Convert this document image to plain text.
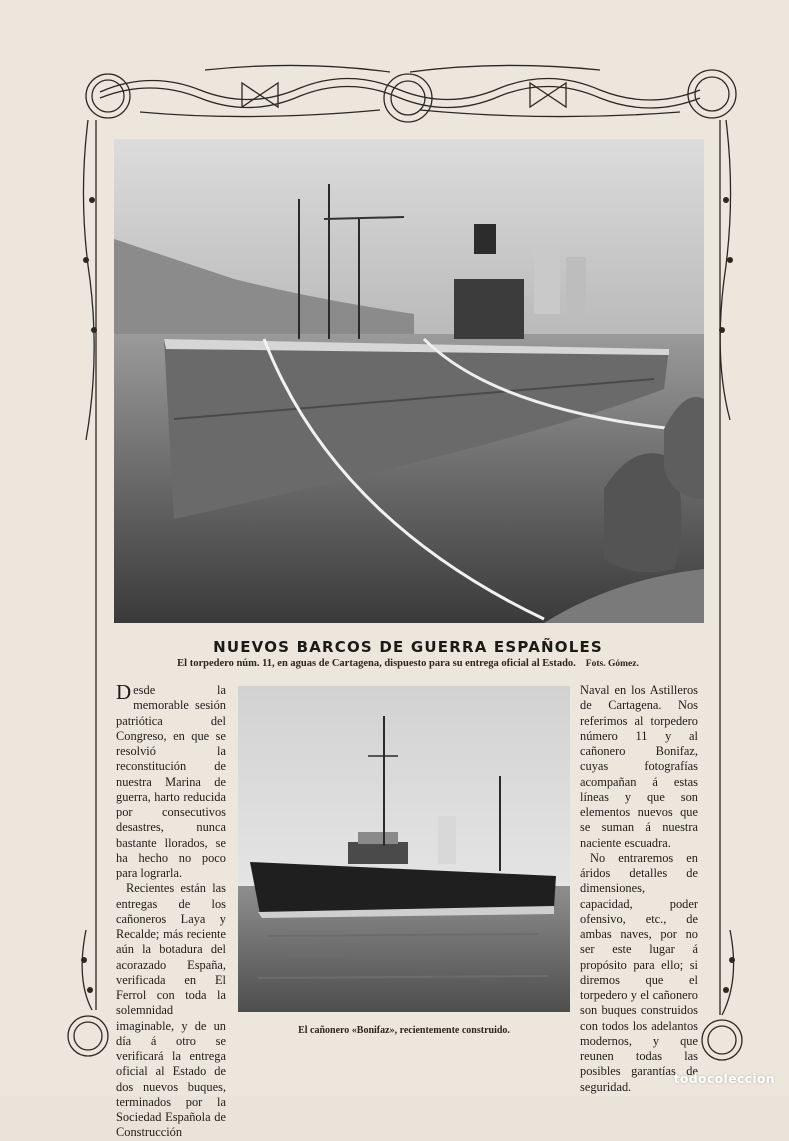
NUEVOS BARCOS DE GUERRA ESPAÑOLES
El torpedero núm. 11, en aguas de Cartagena, dispuesto para su entrega oficial al Estado. Fots. Gómez.

Desde la memorable sesión patriótica del Congreso, en que se resolvió la reconstitución de nuestra Marina de guerra, harto reducida por consecutivos desastres, nunca bastante llorados, se ha hecho no poco para lograrla.

Recientes están las entregas de los cañoneros Laya y Recalde; más reciente aún la botadura del acorazado España, verificada en El Ferrol con toda la solemnidad imaginable, y de un día á otro se verificará la entrega oficial al Estado de dos nuevos buques, terminados por la Sociedad Española de Construcción

El cañonero «Bonifaz», recientemente construido.

Naval en los Astilleros de Cartagena. Nos referimos al torpedero número 11 y al cañonero Bonifaz, cuyas fotografías acompañan á estas líneas y que son elementos nuevos que se suman á nuestra naciente escuadra.

No entraremos en áridos detalles de dimensiones, capacidad, poder ofensivo, etc., de ambas naves, por no ser este lugar á propósito para ello; si diremos que el torpedero y el cañonero son buques construidos con todos los adelantos modernos, y que reunen todas las posibles garantías de seguridad.

todocoleccion
